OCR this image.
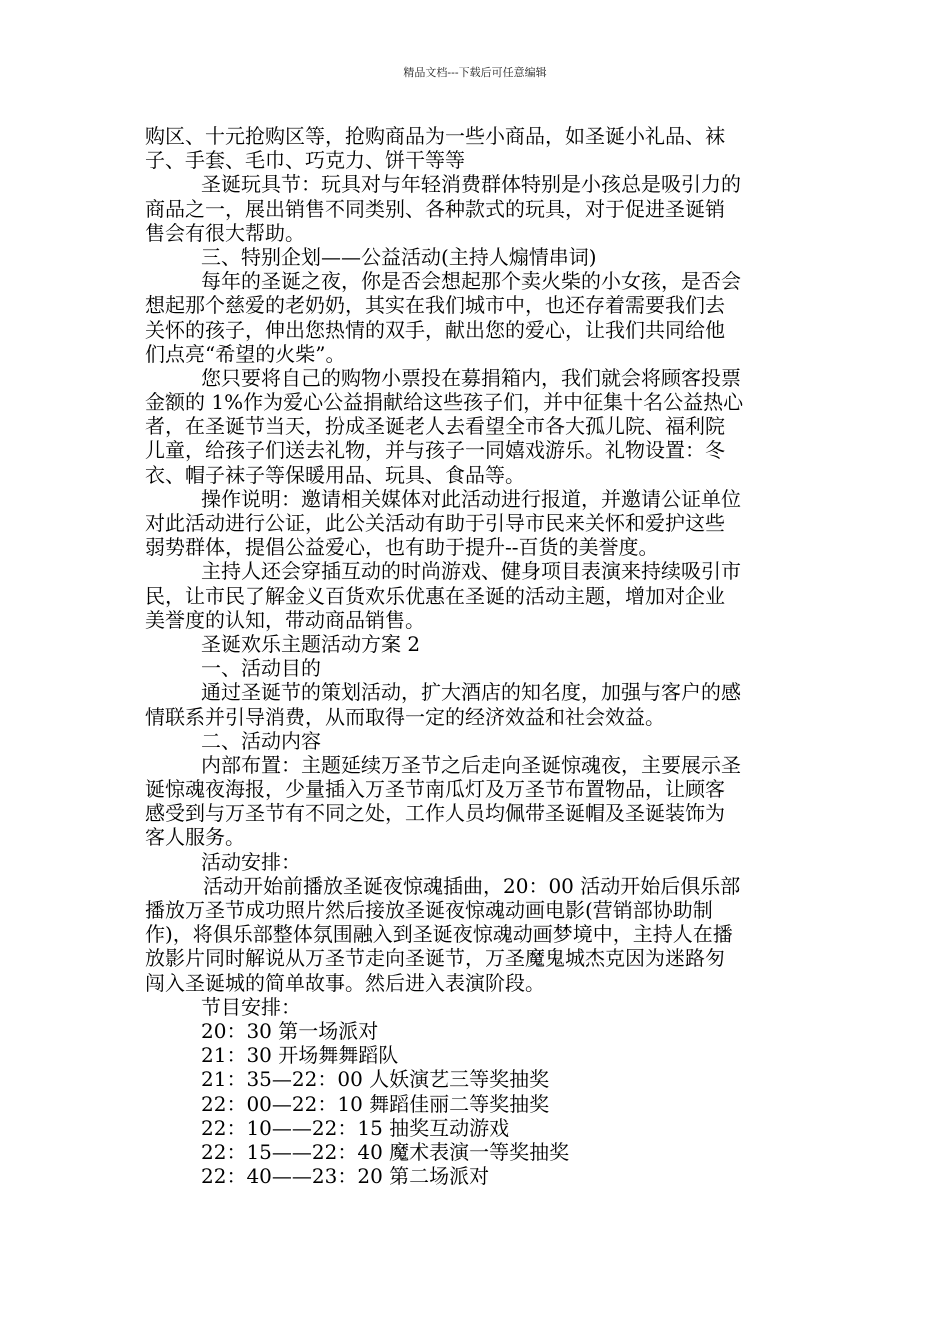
精品文档---下载后可任意编辑
购区、十元抢购区等，抢购商品为一些小商品，如圣诞小礼品、袜
子、手套、毛巾、巧克力、饼干等等
圣诞玩具节：玩具对与年轻消费群体特别是小孩总是吸引力的
商品之一，展出销售不同类别、各种款式的玩具，对于促进圣诞销
售会有很大帮助。
三、特别企划——公益活动(主持人煽情串词)
每年的圣诞之夜，你是否会想起那个卖火柴的小女孩，是否会
想起那个慈爱的老奶奶，其实在我们城市中，也还存着需要我们去
关怀的孩子，伸出您热情的双手，献出您的爱心，让我们共同给他
们点亮“希望的火柴”。
您只要将自己的购物小票投在募捐箱内，我们就会将顾客投票
金额的 1%作为爱心公益捐献给这些孩子们，并中征集十名公益热心
者，在圣诞节当天，扮成圣诞老人去看望全市各大孤儿院、福利院
儿童，给孩子们送去礼物，并与孩子一同嬉戏游乐。礼物设置：冬
衣、帽子袜子等保暖用品、玩具、食品等。
操作说明：邀请相关媒体对此活动进行报道，并邀请公证单位
对此活动进行公证，此公关活动有助于引导市民来关怀和爱护这些
弱势群体，提倡公益爱心，也有助于提升--百货的美誉度。
主持人还会穿插互动的时尚游戏、健身项目表演来持续吸引市
民，让市民了解金义百货欢乐优惠在圣诞的活动主题，增加对企业
美誉度的认知，带动商品销售。
圣诞欢乐主题活动方案 2
一、活动目的
通过圣诞节的策划活动，扩大酒店的知名度，加强与客户的感
情联系并引导消费，从而取得一定的经济效益和社会效益。
二、活动内容
内部布置：主题延续万圣节之后走向圣诞惊魂夜，主要展示圣
诞惊魂夜海报，少量插入万圣节南瓜灯及万圣节布置物品，让顾客
感受到与万圣节有不同之处，工作人员均佩带圣诞帽及圣诞装饰为
客人服务。
活动安排：
活动开始前播放圣诞夜惊魂插曲，20：00 活动开始后俱乐部
播放万圣节成功照片然后接放圣诞夜惊魂动画电影(营销部协助制
作)，将俱乐部整体氛围融入到圣诞夜惊魂动画梦境中，主持人在播
放影片同时解说从万圣节走向圣诞节，万圣魔鬼城杰克因为迷路匇
闯入圣诞城的简单故事。然后进入表演阶段。
节目安排：
20：30 第一场派对
21：30 开场舞舞蹈队
21：35—22：00 人妖演艺三等奖抽奖
22：00—22：10 舞蹈佳丽二等奖抽奖
22：10——22：15 抽奖互动游戏
22：15——22：40 魔术表演一等奖抽奖
22：40——23：20 第二场派对
